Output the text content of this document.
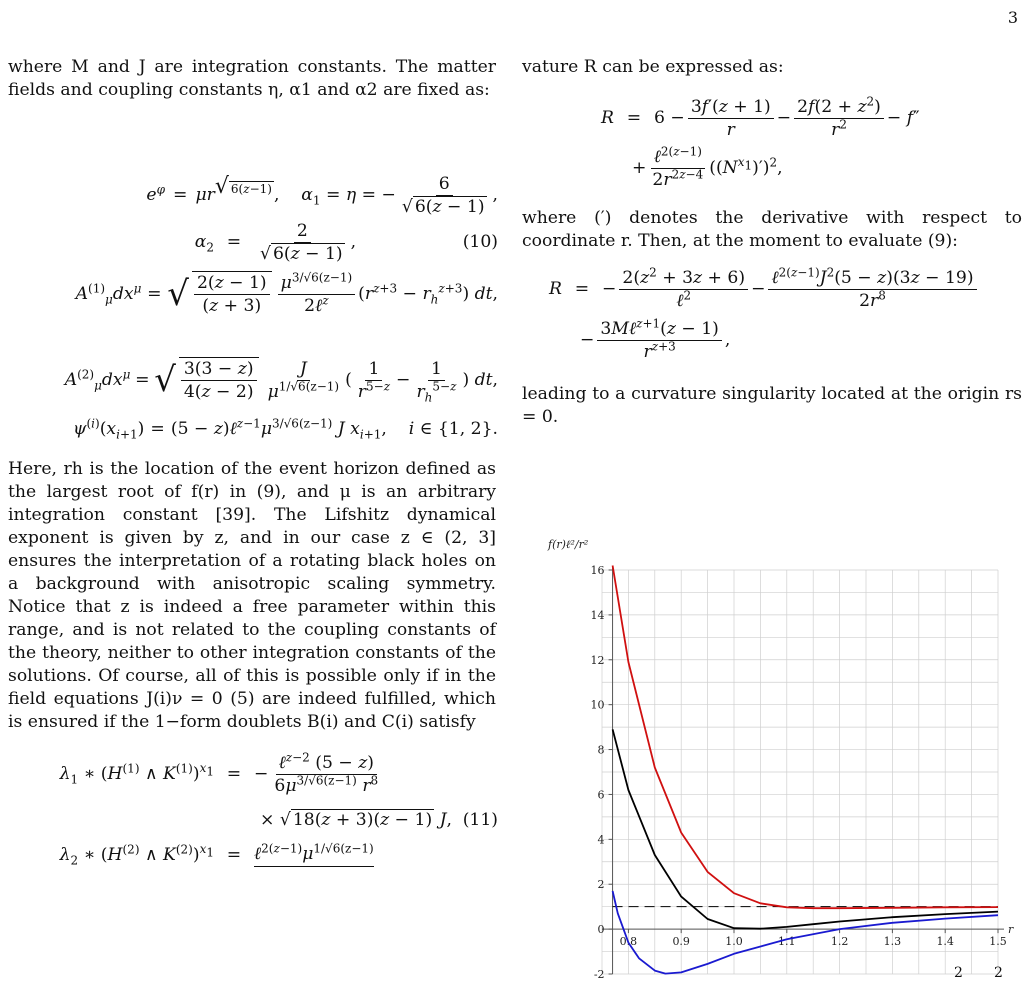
3

where M and J are integration constants. The matter fields and coupling constants η, α1 and α2 are fixed as:

$e^\varphi = \mu r^{√ 6(z-1)}$ ,    $\alpha_1 = \eta$ = − $\frac{6}{√ 6(z - 1)}$ ,
$\alpha_2 = \frac{2}{√ 6(z - 1)}$ ,	(10)
$A^{(1)}_\mu dx^\mu$ = √ $\frac{2(z - 1)}{(z + 3)} \frac{\mu^{3/√6(z-1)}}{2\ell^z} (r^{z+3} - r_h^{z+3})$ dt,
$A^{(2)}_\mu dx^\mu$ = √ $\frac{3(3 - z)}{4(z - 2)} \frac{J}{\mu^{1/√6(z-1)}}$ ( $\frac{1}{r^{5-z}} - \frac{1}{r_h^{5-z}}$ ) dt,
$\psi^{(i)}(x_{i+1}) = (5$ − $z)\ell^{z-1}\mu^{3/√6(z-1)}$ J $x_{i+1}$,    i ∈ {1, 2}.

Here, rh is the location of the event horizon defined as the largest root of f(r) in (9), and μ is an arbitrary integration constant [39]. The Lifshitz dynamical exponent is given by z, and in our case z ∈ (2, 3] ensures the interpretation of a rotating black holes on a background with anisotropic scaling symmetry. Notice that z is indeed a free parameter within this range, and is not related to the coupling constants of the theory, neither to other integration constants of the solutions. Of course, all of this is possible only if in the field equations J(i)ν = 0 (5) are indeed fulfilled, which is ensured if the 1−form doublets B(i) and C(i) satisfy

$\lambda_1$ ∗ ($H^{(1)}$ ∧ $K^{(1)})^{x_1}$ = − $\frac{\ell^{z-2} (5 - z)}{6\mu^{3/√6(z-1)} r^8}$
× √ 18(z + 3)(z − 1) J, (11)
$\lambda_2$ ∗ ($H^{(2)}$ ∧ $K^{(2)})^{x_1}$ = $\ell^{2(z-1)}\mu^{1/√6(z-1)}$

vature R can be expressed as:

$R = 6 - \frac{3f'(z + 1)}{r} - \frac{2f(2 + z^2)}{r^2} - f''$
+ $\frac{\ell^{2(z-1)}}{2r^{2z-4}} ((N^{x_1})')^2$,

where (′) denotes the derivative with respect to coordinate r. Then, at the moment to evaluate (9):

R = − $\frac{2(z^2 + 3z + 6)}{\ell^2} - \frac{\ell^{2(z-1)}J^2(5 - z)(3z - 19)}{2r^8}$
− $\frac{3M\ell^{z+1}(z - 1)}{r^{z+3}}$ ,

leading to a curvature singularity located at the origin rs = 0.

-2
0
2
4
6
8
10
12
14
16
0.8	0.9	1.0	1.1	1.2	1.3	1.4	1.5
f(r)ℓ²/r²
r
2       2
